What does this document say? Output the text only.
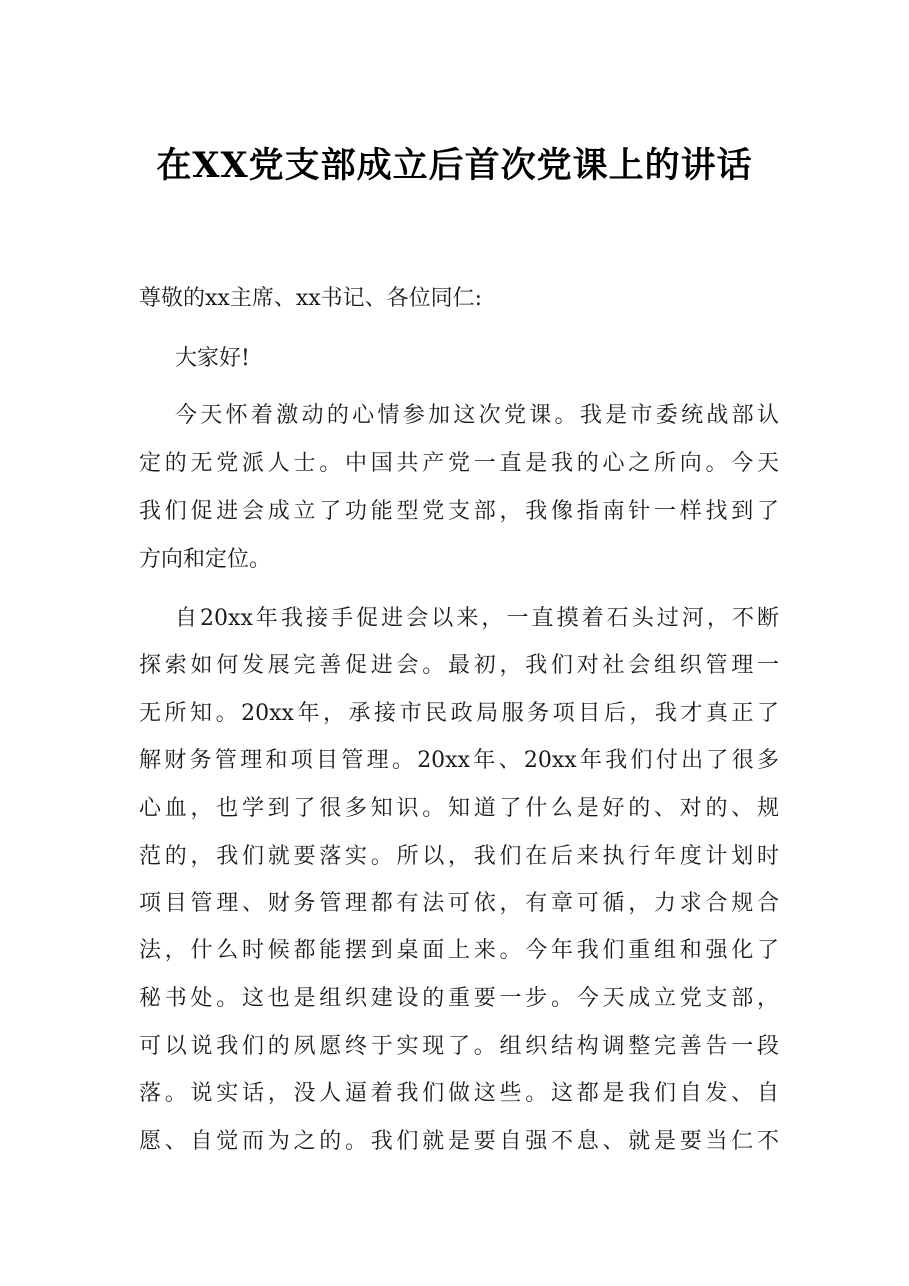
在XX党支部成立后首次党课上的讲话

尊敬的xx主席、xx书记、各位同仁:

大家好!

今天怀着激动的心情参加这次党课。我是市委统战部认

定的无党派人士。中国共产党一直是我的心之所向。今天

我们促进会成立了功能型党支部，我像指南针一样找到了

方向和定位。

自20xx年我接手促进会以来，一直摸着石头过河，不断

探索如何发展完善促进会。最初，我们对社会组织管理一

无所知。20xx年，承接市民政局服务项目后，我才真正了

解财务管理和项目管理。20xx年、20xx年我们付出了很多

心血，也学到了很多知识。知道了什么是好的、对的、规

范的，我们就要落实。所以，我们在后来执行年度计划时

项目管理、财务管理都有法可依，有章可循，力求合规合

法，什么时候都能摆到桌面上来。今年我们重组和强化了

秘书处。这也是组织建设的重要一步。今天成立党支部，

可以说我们的夙愿终于实现了。组织结构调整完善告一段

落。说实话，没人逼着我们做这些。这都是我们自发、自

愿、自觉而为之的。我们就是要自强不息、就是要当仁不
